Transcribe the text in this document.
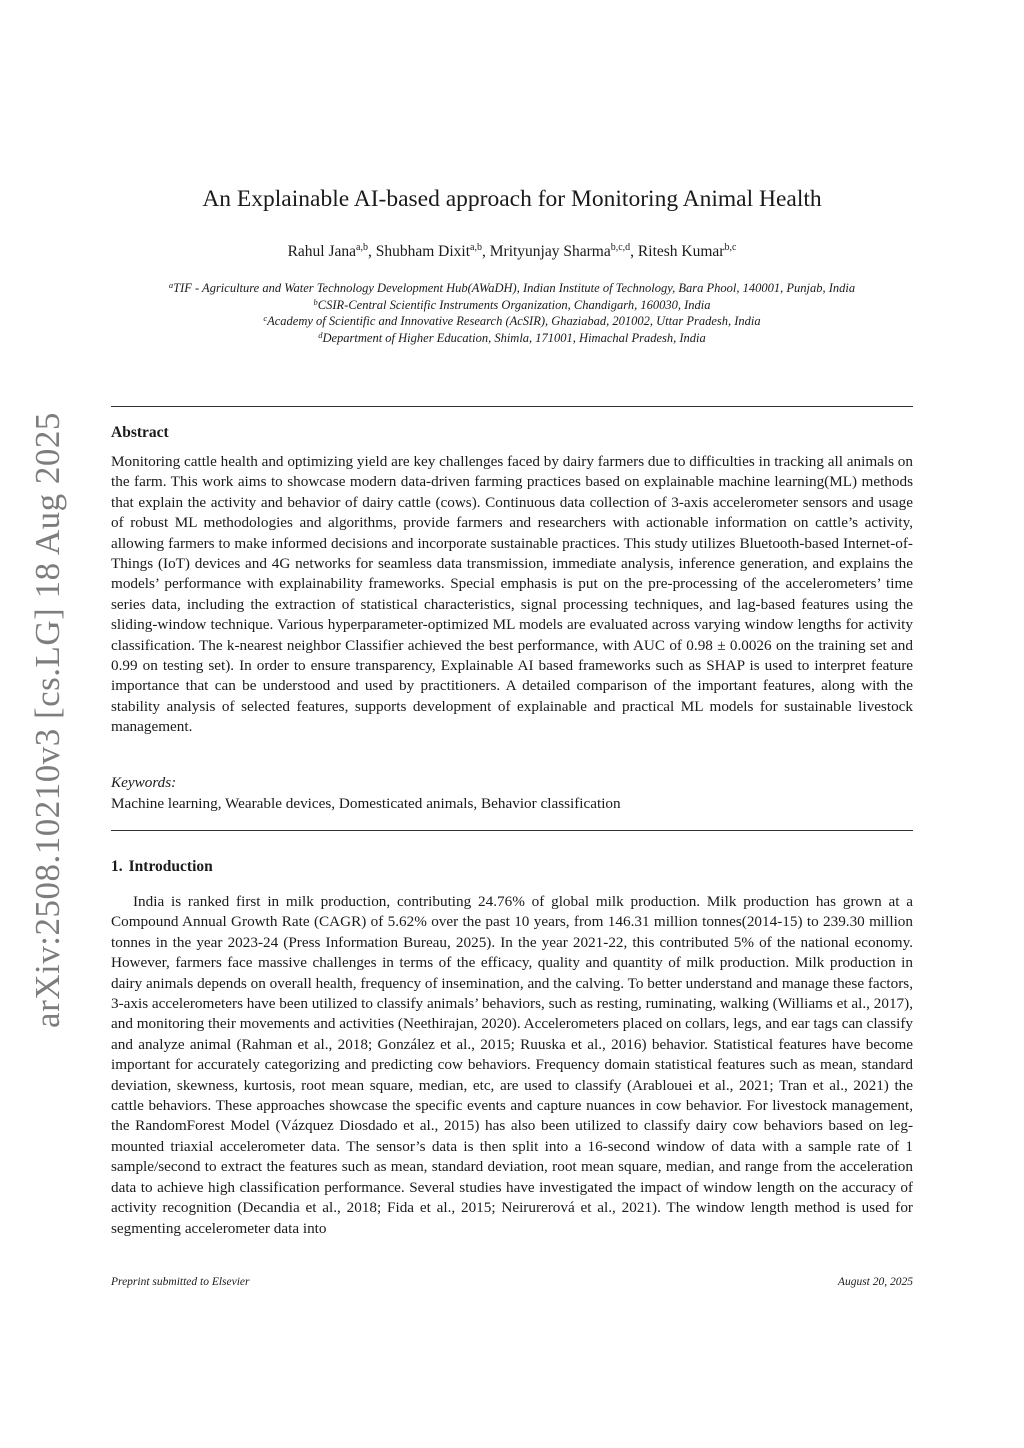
arXiv:2508.10210v3 [cs.LG] 18 Aug 2025
An Explainable AI-based approach for Monitoring Animal Health
Rahul Jana$^{a,b}$, Shubham Dixit$^{a,b}$, Mrityunjay Sharma$^{b,c,d}$, Ritesh Kumar$^{b,c}$
$^a$TIF - Agriculture and Water Technology Development Hub(AWaDH), Indian Institute of Technology, Bara Phool, 140001, Punjab, India
$^b$CSIR-Central Scientific Instruments Organization, Chandigarh, 160030, India
$^c$Academy of Scientific and Innovative Research (AcSIR), Ghaziabad, 201002, Uttar Pradesh, India
$^d$Department of Higher Education, Shimla, 171001, Himachal Pradesh, India
Abstract
Monitoring cattle health and optimizing yield are key challenges faced by dairy farmers due to difficulties in tracking all animals on the farm. This work aims to showcase modern data-driven farming practices based on explainable machine learning(ML) methods that explain the activity and behavior of dairy cattle (cows). Continuous data collection of 3-axis accelerometer sensors and usage of robust ML methodologies and algorithms, provide farmers and researchers with actionable information on cattle’s activity, allowing farmers to make informed decisions and incorporate sustainable practices. This study utilizes Bluetooth-based Internet-of-Things (IoT) devices and 4G networks for seamless data transmission, immediate analysis, inference generation, and explains the models’ performance with explainability frameworks. Special emphasis is put on the pre-processing of the accelerometers’ time series data, including the extraction of statistical characteristics, signal processing techniques, and lag-based features using the sliding-window technique. Various hyperparameter-optimized ML models are evaluated across varying window lengths for activity classification. The k-nearest neighbor Classifier achieved the best performance, with AUC of 0.98 ± 0.0026 on the training set and 0.99 on testing set). In order to ensure transparency, Explainable AI based frameworks such as SHAP is used to interpret feature importance that can be understood and used by practitioners. A detailed comparison of the important features, along with the stability analysis of selected features, supports development of explainable and practical ML models for sustainable livestock management.
Keywords:
Machine learning, Wearable devices, Domesticated animals, Behavior classification
1. Introduction
India is ranked first in milk production, contributing 24.76% of global milk production. Milk production has grown at a Compound Annual Growth Rate (CAGR) of 5.62% over the past 10 years, from 146.31 million tonnes(2014-15) to 239.30 million tonnes in the year 2023-24 (Press Information Bureau, 2025). In the year 2021-22, this contributed 5% of the national economy. However, farmers face massive challenges in terms of the efficacy, quality and quantity of milk production. Milk production in dairy animals depends on overall health, frequency of insemination, and the calving. To better understand and manage these factors, 3-axis accelerometers have been utilized to classify animals’ behaviors, such as resting, ruminating, walking (Williams et al., 2017), and monitoring their movements and activities (Neethirajan, 2020). Accelerometers placed on collars, legs, and ear tags can classify and analyze animal (Rahman et al., 2018; González et al., 2015; Ruuska et al., 2016) behavior. Statistical features have become important for accurately categorizing and predicting cow behaviors. Frequency domain statistical features such as mean, standard deviation, skewness, kurtosis, root mean square, median, etc, are used to classify (Arablouei et al., 2021; Tran et al., 2021) the cattle behaviors. These approaches showcase the specific events and capture nuances in cow behavior. For livestock management, the RandomForest Model (Vázquez Diosdado et al., 2015) has also been utilized to classify dairy cow behaviors based on leg-mounted triaxial accelerometer data. The sensor’s data is then split into a 16-second window of data with a sample rate of 1 sample/second to extract the features such as mean, standard deviation, root mean square, median, and range from the acceleration data to achieve high classification performance. Several studies have investigated the impact of window length on the accuracy of activity recognition (Decandia et al., 2018; Fida et al., 2015; Neirurerová et al., 2021). The window length method is used for segmenting accelerometer data into
Preprint submitted to Elsevier	August 20, 2025
